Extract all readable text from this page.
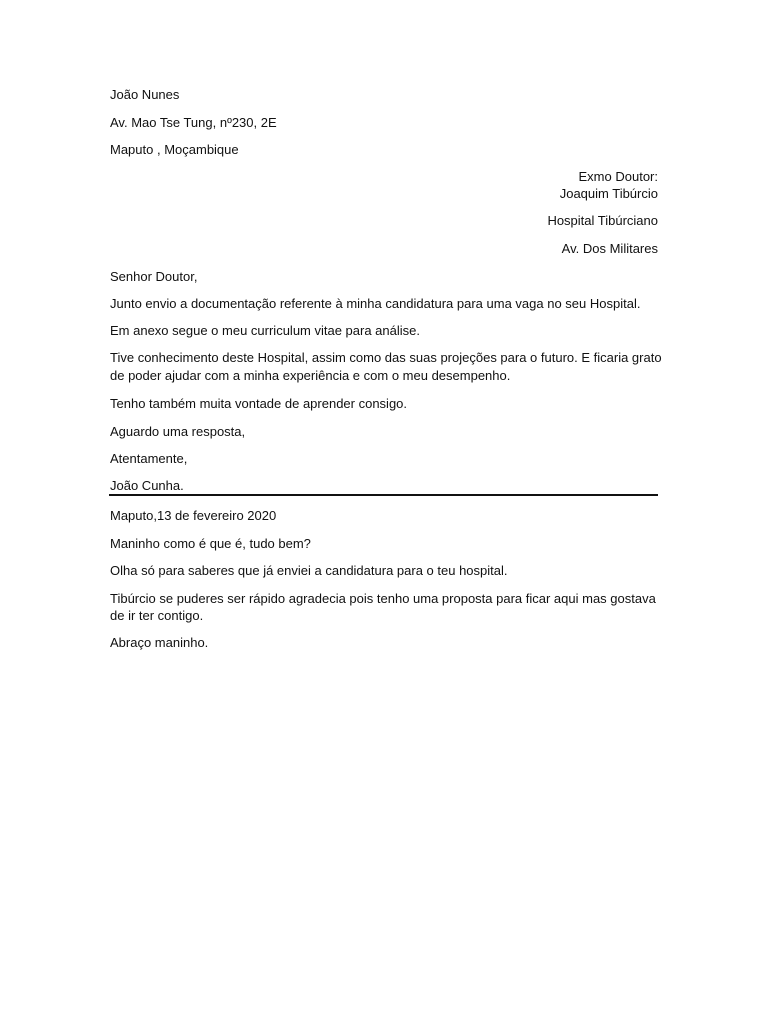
João Nunes
Av. Mao Tse Tung, nº230, 2E
Maputo , Moçambique
Exmo Doutor:
Joaquim Tibúrcio
Hospital Tibúrciano
Av. Dos Militares
Senhor Doutor,
Junto envio a documentação referente à minha candidatura para uma vaga no seu Hospital.
Em anexo segue o meu curriculum vitae para análise.
Tive conhecimento deste Hospital, assim como das suas projeções para o futuro. E ficaria grato
de poder ajudar com a minha experiência e com o meu desempenho.
Tenho também muita vontade de aprender consigo.
Aguardo uma resposta,
Atentamente,
João Cunha.
Maputo,13 de fevereiro 2020
Maninho como é que é, tudo bem?
Olha só para saberes que já enviei a candidatura para o teu hospital.
Tibúrcio se puderes ser rápido agradecia pois tenho uma proposta para ficar aqui mas gostava
de ir ter contigo.
Abraço maninho.
